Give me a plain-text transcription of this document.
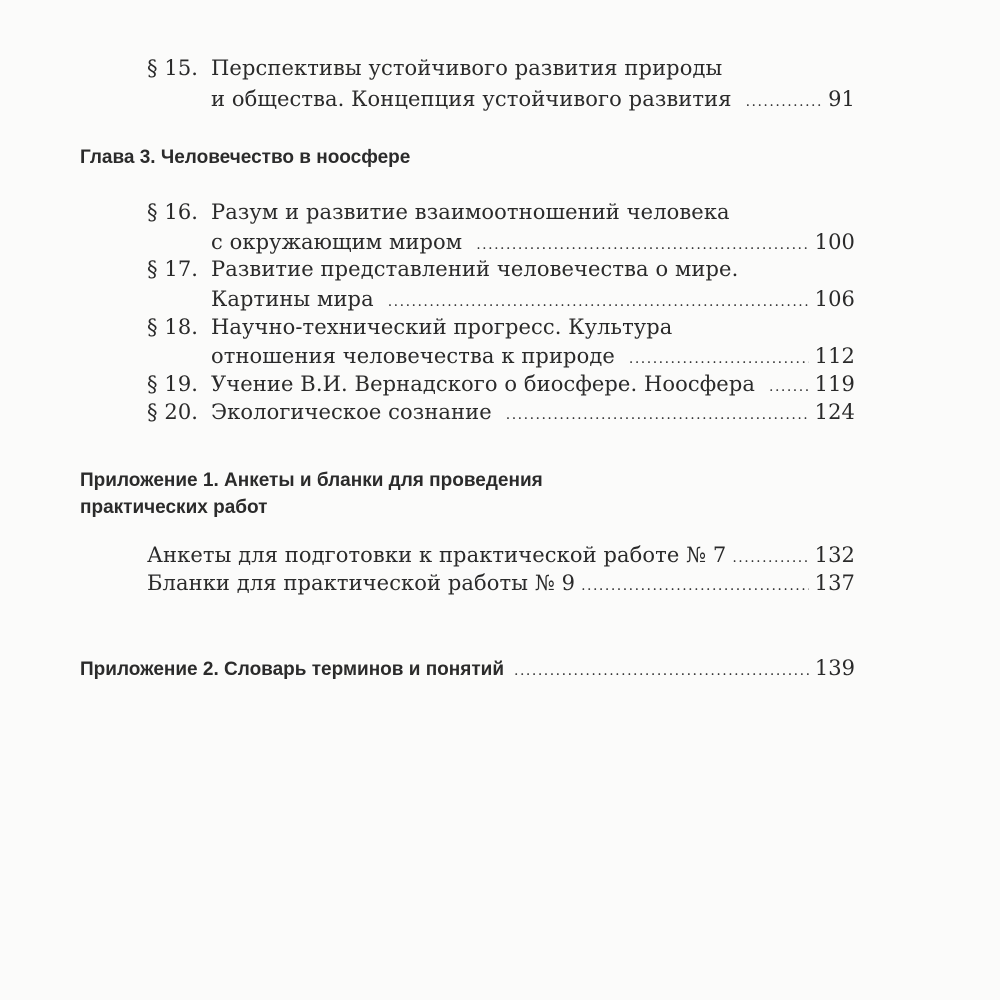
§ 15. Перспективы устойчивого развития природы
и общества. Концепция устойчивого развития .....	91
Глава 3. Человечество в ноосфере
§ 16. Разум и развитие взаимоотношений человека
с окружающим миром .....	100
§ 17. Развитие представлений человечества о мире.
Картины мира .....	106
§ 18. Научно-технический прогресс. Культура
отношения человечества к природе .....	112
§ 19. Учение В.И. Вернадского о биосфере. Ноосфера .....	119
§ 20. Экологическое сознание .....	124
Приложение 1. Анкеты и бланки для проведения
практических работ
Анкеты для подготовки к практической работе № 7 .....	132
Бланки для практической работы № 9 .....	137
Приложение 2. Словарь терминов и понятий .....	139
